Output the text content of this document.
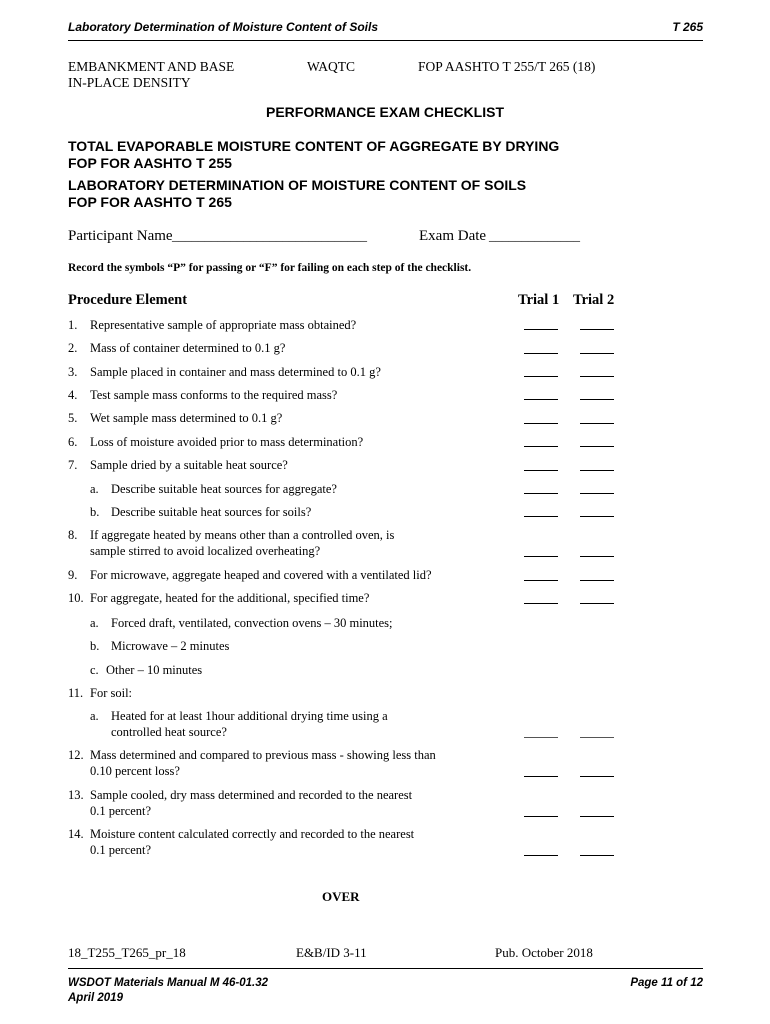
Laboratory Determination of Moisture Content of Soils	T 265
EMBANKMENT AND BASE
IN-PLACE DENSITY
WAQTC	FOP AASHTO T 255/T 265 (18)
PERFORMANCE EXAM CHECKLIST
TOTAL EVAPORABLE MOISTURE CONTENT OF AGGREGATE BY DRYING
FOP FOR AASHTO T 255
LABORATORY DETERMINATION OF MOISTURE CONTENT OF SOILS
FOP FOR AASHTO T 265
Participant Name ______________________________	Exam Date ______________
Record the symbols “P” for passing or “F” for failing on each step of the checklist.
Procedure Element	Trial 1 Trial 2
1. Representative sample of appropriate mass obtained?
2. Mass of container determined to 0.1 g?
3. Sample placed in container and mass determined to 0.1 g?
4. Test sample mass conforms to the required mass?
5. Wet sample mass determined to 0.1 g?
6. Loss of moisture avoided prior to mass determination?
7. Sample dried by a suitable heat source?
a. Describe suitable heat sources for aggregate?
b. Describe suitable heat sources for soils?
8. If aggregate heated by means other than a controlled oven, is
sample stirred to avoid localized overheating?
9. For microwave, aggregate heaped and covered with a ventilated lid?
10. For aggregate, heated for the additional, specified time?
a. Forced draft, ventilated, convection ovens – 30 minutes;
b. Microwave – 2 minutes
c. Other – 10 minutes
11. For soil:
a. Heated for at least 1hour additional drying time using a
controlled heat source?
12. Mass determined and compared to previous mass - showing less than
0.10 percent loss?
13. Sample cooled, dry mass determined and recorded to the nearest
0.1 percent?
14. Moisture content calculated correctly and recorded to the nearest
0.1 percent?
OVER
18_T255_T265_pr_18	E&B/ID 3-11	Pub. October 2018
WSDOT Materials Manual M 46-01.32
April 2019
Page 11 of 12
